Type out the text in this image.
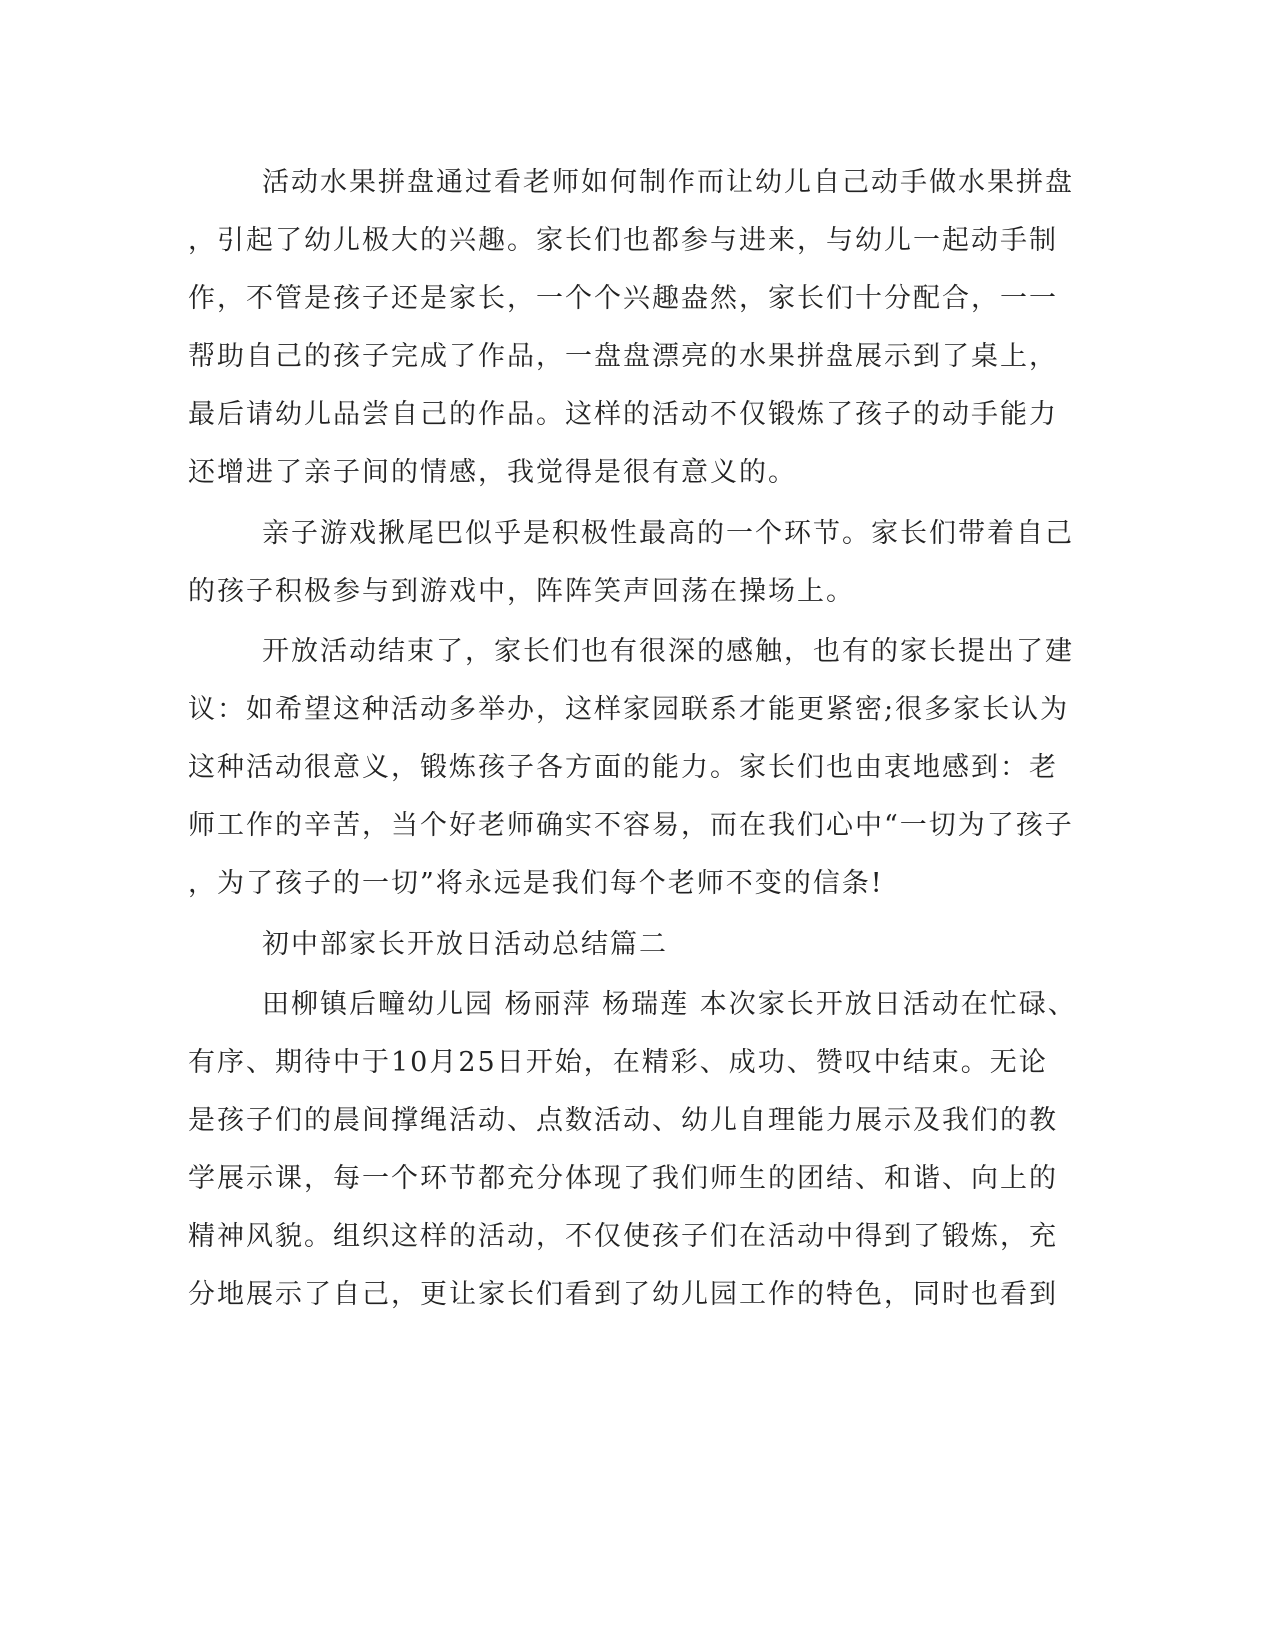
活动水果拼盘通过看老师如何制作而让幼儿自己动手做水果拼盘
，引起了幼儿极大的兴趣。家长们也都参与进来，与幼儿一起动手制
作，不管是孩子还是家长，一个个兴趣盎然，家长们十分配合，一一
帮助自己的孩子完成了作品，一盘盘漂亮的水果拼盘展示到了桌上，
最后请幼儿品尝自己的作品。这样的活动不仅锻炼了孩子的动手能力
还增进了亲子间的情感，我觉得是很有意义的。
亲子游戏揪尾巴似乎是积极性最高的一个环节。家长们带着自己
的孩子积极参与到游戏中，阵阵笑声回荡在操场上。
开放活动结束了，家长们也有很深的感触，也有的家长提出了建
议：如希望这种活动多举办，这样家园联系才能更紧密;很多家长认为
这种活动很意义，锻炼孩子各方面的能力。家长们也由衷地感到：老
师工作的辛苦，当个好老师确实不容易，而在我们心中“一切为了孩子
，为了孩子的一切”将永远是我们每个老师不变的信条!
初中部家长开放日活动总结篇二
田柳镇后疃幼儿园 杨丽萍 杨瑞莲 本次家长开放日活动在忙碌、
有序、期待中于10月25日开始，在精彩、成功、赞叹中结束。无论
是孩子们的晨间撑绳活动、点数活动、幼儿自理能力展示及我们的教
学展示课，每一个环节都充分体现了我们师生的团结、和谐、向上的
精神风貌。组织这样的活动，不仅使孩子们在活动中得到了锻炼，充
分地展示了自己，更让家长们看到了幼儿园工作的特色，同时也看到
